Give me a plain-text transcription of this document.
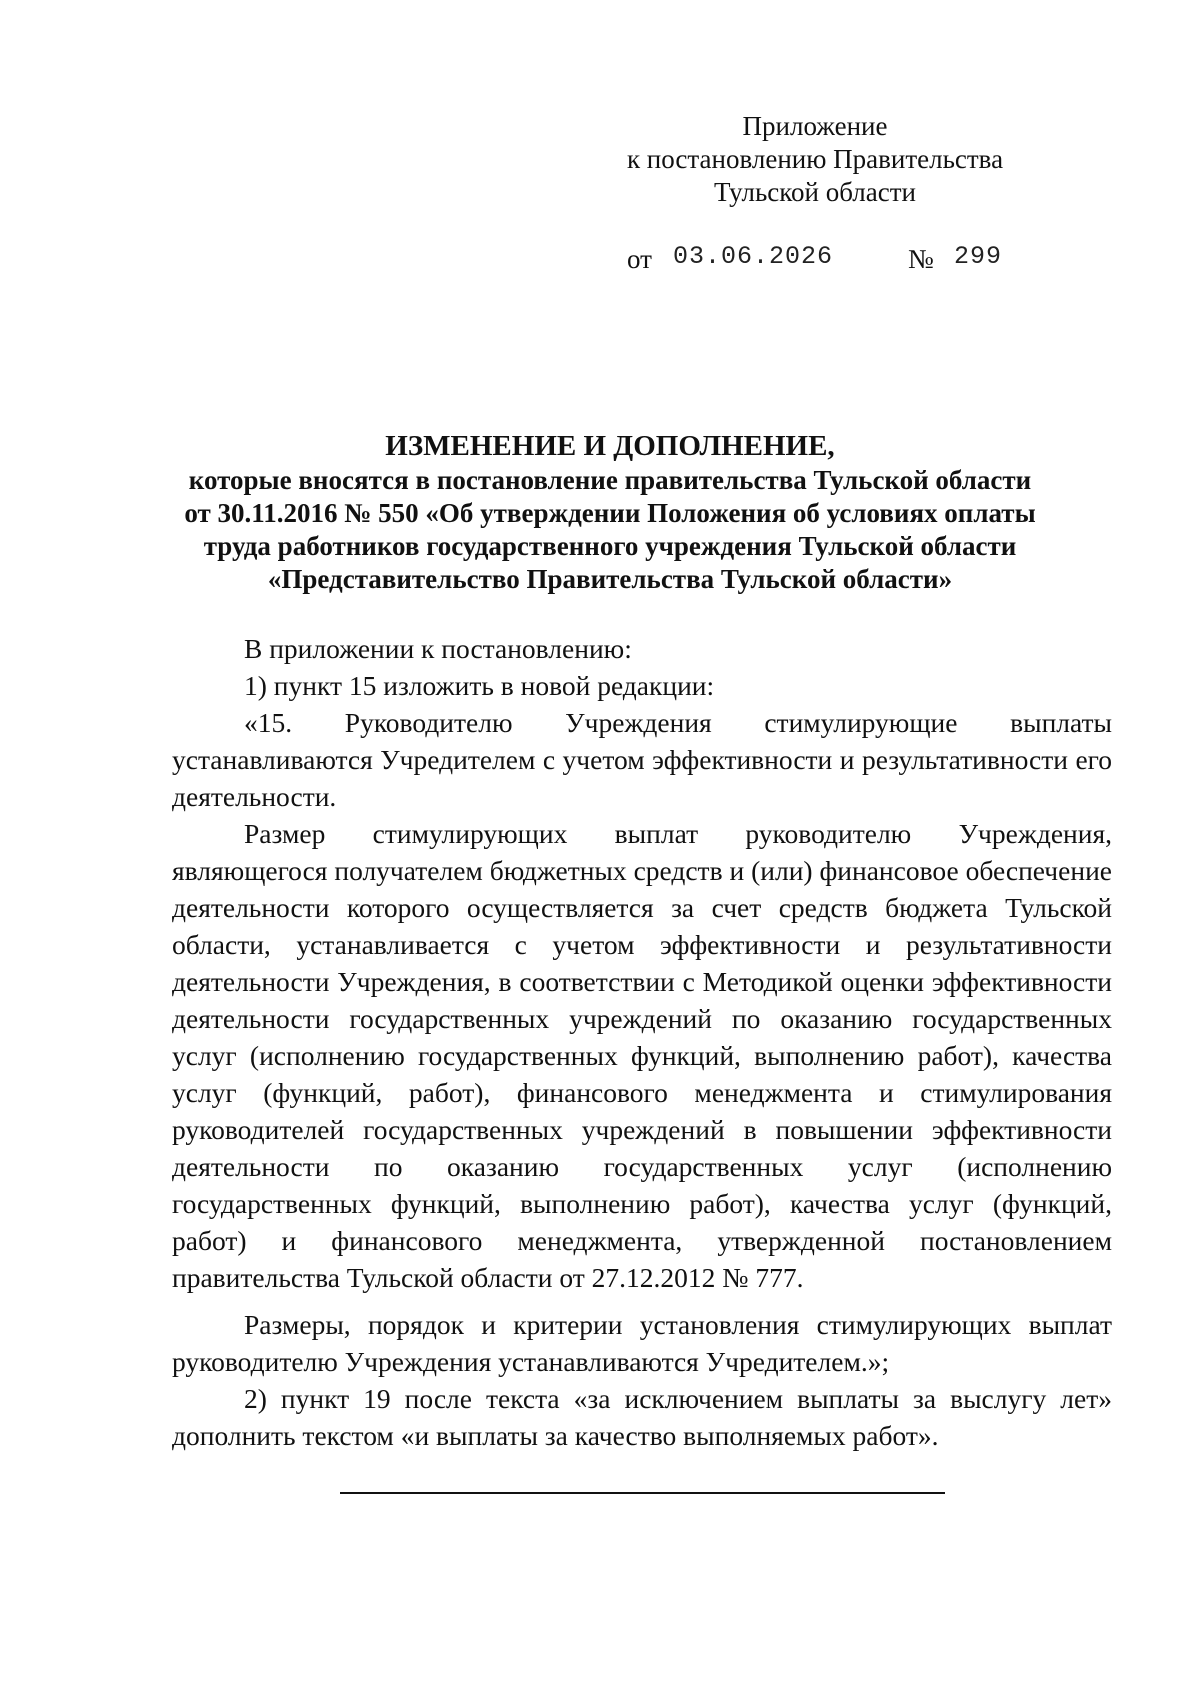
Приложение
к постановлению Правительства
Тульской области
от 03.06.2026	№ 299
ИЗМЕНЕНИЕ И ДОПОЛНЕНИЕ,
которые вносятся в постановление правительства Тульской области
от 30.11.2016 № 550 «Об утверждении Положения об условиях оплаты
труда работников государственного учреждения Тульской области
«Представительство Правительства Тульской области»

В приложении к постановлению:

1) пункт 15 изложить в новой редакции:

«15. Руководителю Учреждения стимулирующие выплаты устанавливаются Учредителем с учетом эффективности и результативности его деятельности.

Размер стимулирующих выплат руководителю Учреждения, являющегося получателем бюджетных средств и (или) финансовое обеспечение деятельности которого осуществляется за счет средств бюджета Тульской области, устанавливается с учетом эффективности и результативности деятельности Учреждения, в соответствии с Методикой оценки эффективности деятельности государственных учреждений по оказанию государственных услуг (исполнению государственных функций, выполнению работ), качества услуг (функций, работ), финансового менеджмента и стимулирования руководителей государственных учреждений в повышении эффективности деятельности по оказанию государственных услуг (исполнению государственных функций, выполнению работ), качества услуг (функций, работ) и финансового менеджмента, утвержденной постановлением правительства Тульской области от 27.12.2012 № 777.

Размеры, порядок и критерии установления стимулирующих выплат руководителю Учреждения устанавливаются Учредителем.»;

2) пункт 19 после текста «за исключением выплаты за выслугу лет» дополнить текстом «и выплаты за качество выполняемых работ».
